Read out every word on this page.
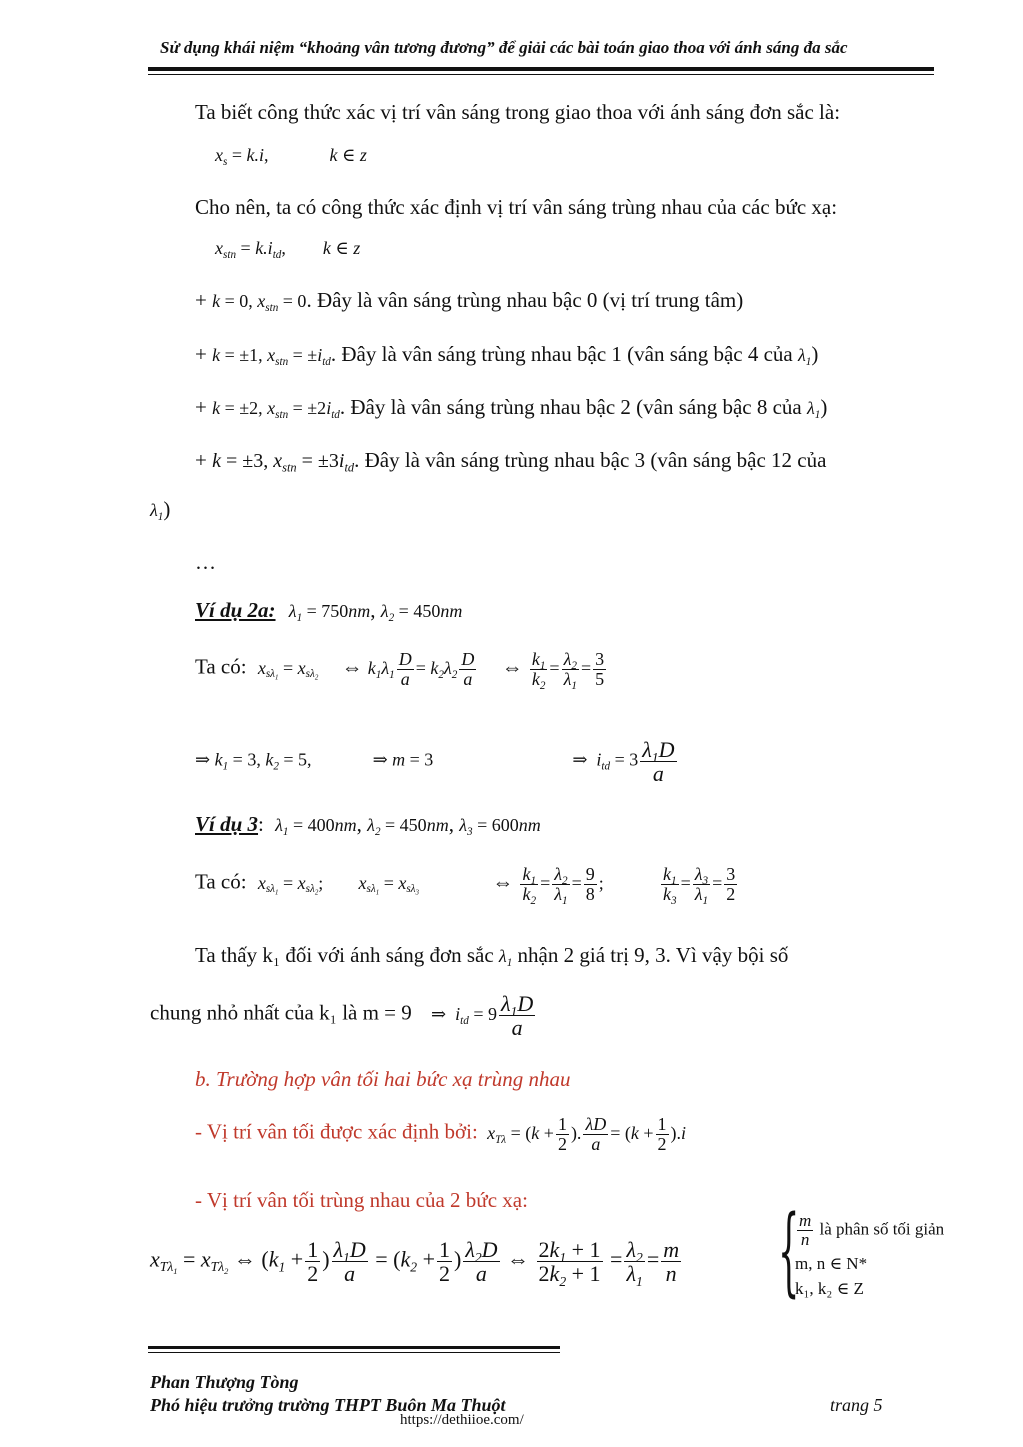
Sử dụng khái niệm “khoảng vân tương đương” để giải các bài toán giao thoa với ánh sáng đa sắc
Ta biết công thức xác vị trí vân sáng trong giao thoa với ánh sáng đơn sắc là:
$x_s = k.i$,	k ∈ z
Cho nên, ta có công thức xác định vị trí vân sáng trùng nhau của các bức xạ:
$x_{stn} = k.i_{td}$,  k ∈ z
+ k = 0, $x_{stn} = 0$. Đây là vân sáng trùng nhau bậc 0 (vị trí trung tâm)
+ k = ±1, $x_{stn} = \pm i_{td}$. Đây là vân sáng trùng nhau bậc 1 (vân sáng bậc 4 của $\lambda_1$)
+ k = ±2, $x_{stn} = \pm 2i_{td}$. Đây là vân sáng trùng nhau bậc 2 (vân sáng bậc 8 của $\lambda_1$)
+ k = ±3, $x_{stn} = \pm 3i_{td}$. Đây là vân sáng trùng nhau bậc 3 (vân sáng bậc 12 của
$\lambda_1$)
…
Ví dụ 2a: $\lambda_1 = 750nm$, $\lambda_2 = 450nm$
Ta có: $x_{s\lambda_1} = x_{s\lambda_2}$ ⇔ $k_1\lambda_1 \frac{D}{a} = k_2\lambda_2 \frac{D}{a}$ ⇔ $\frac{k_1}{k_2} = \frac{\lambda_2}{\lambda_1} = \frac{3}{5}$
⇒ $k_1 = 3$, $k_2 = 5$,	⇒ m = 3	⇒  $i_{td} = 3 \frac{\lambda_1D}{a}$
Ví dụ 3: $\lambda_1 = 400nm$, $\lambda_2 = 450nm$, $\lambda_3 = 600nm$
Ta có: $x_{s\lambda_1} = x_{s\lambda_2}$; $x_{s\lambda_1} = x_{s\lambda_3}$	⇔ $\frac{k_1}{k_2} = \frac{\lambda_2}{\lambda_1} = \frac{9}{8}$ ;	$\frac{k_1}{k_3} = \frac{\lambda_3}{\lambda_1} = \frac{3}{2}$
Ta thấy k₁ đối với ánh sáng đơn sắc $\lambda_1$ nhận 2 giá trị 9, 3. Vì vậy bội số
chung nhỏ nhất của k₁ là m = 9 ⇒  $i_{td} = 9 \frac{\lambda_1D}{a}$
b. Trường hợp vân tối hai bức xạ trùng nhau
- Vị trí vân tối được xác định bởi: $x_{T\lambda} = (k + \frac{1}{2}$ ). $\frac{\lambda D}{a} = (k + \frac{1}{2} ).i$
- Vị trí vân tối trùng nhau của 2 bức xạ:
$x_{T\lambda_1} = x_{T\lambda_2}$ ⇔ ($k_1 + \frac{1}{2}$ ) $\frac{\lambda_1D}{a} = (k_2 + \frac{1}{2}$ ) $\frac{\lambda_2D}{a}$ ⇔ $\frac{2k_1 + 1}{2k_2 + 1} = \frac{\lambda_2}{\lambda_1} = \frac{m}{n}$ {
$\frac{m}{n}$ là phân số tối giản
m, n ∈ N*
k₁, k₂ ∈ Z
Phan Thượng Tòng
Phó hiệu trưởng trường THPT Buôn Ma Thuột
https://dethiioe.com/
trang 5
